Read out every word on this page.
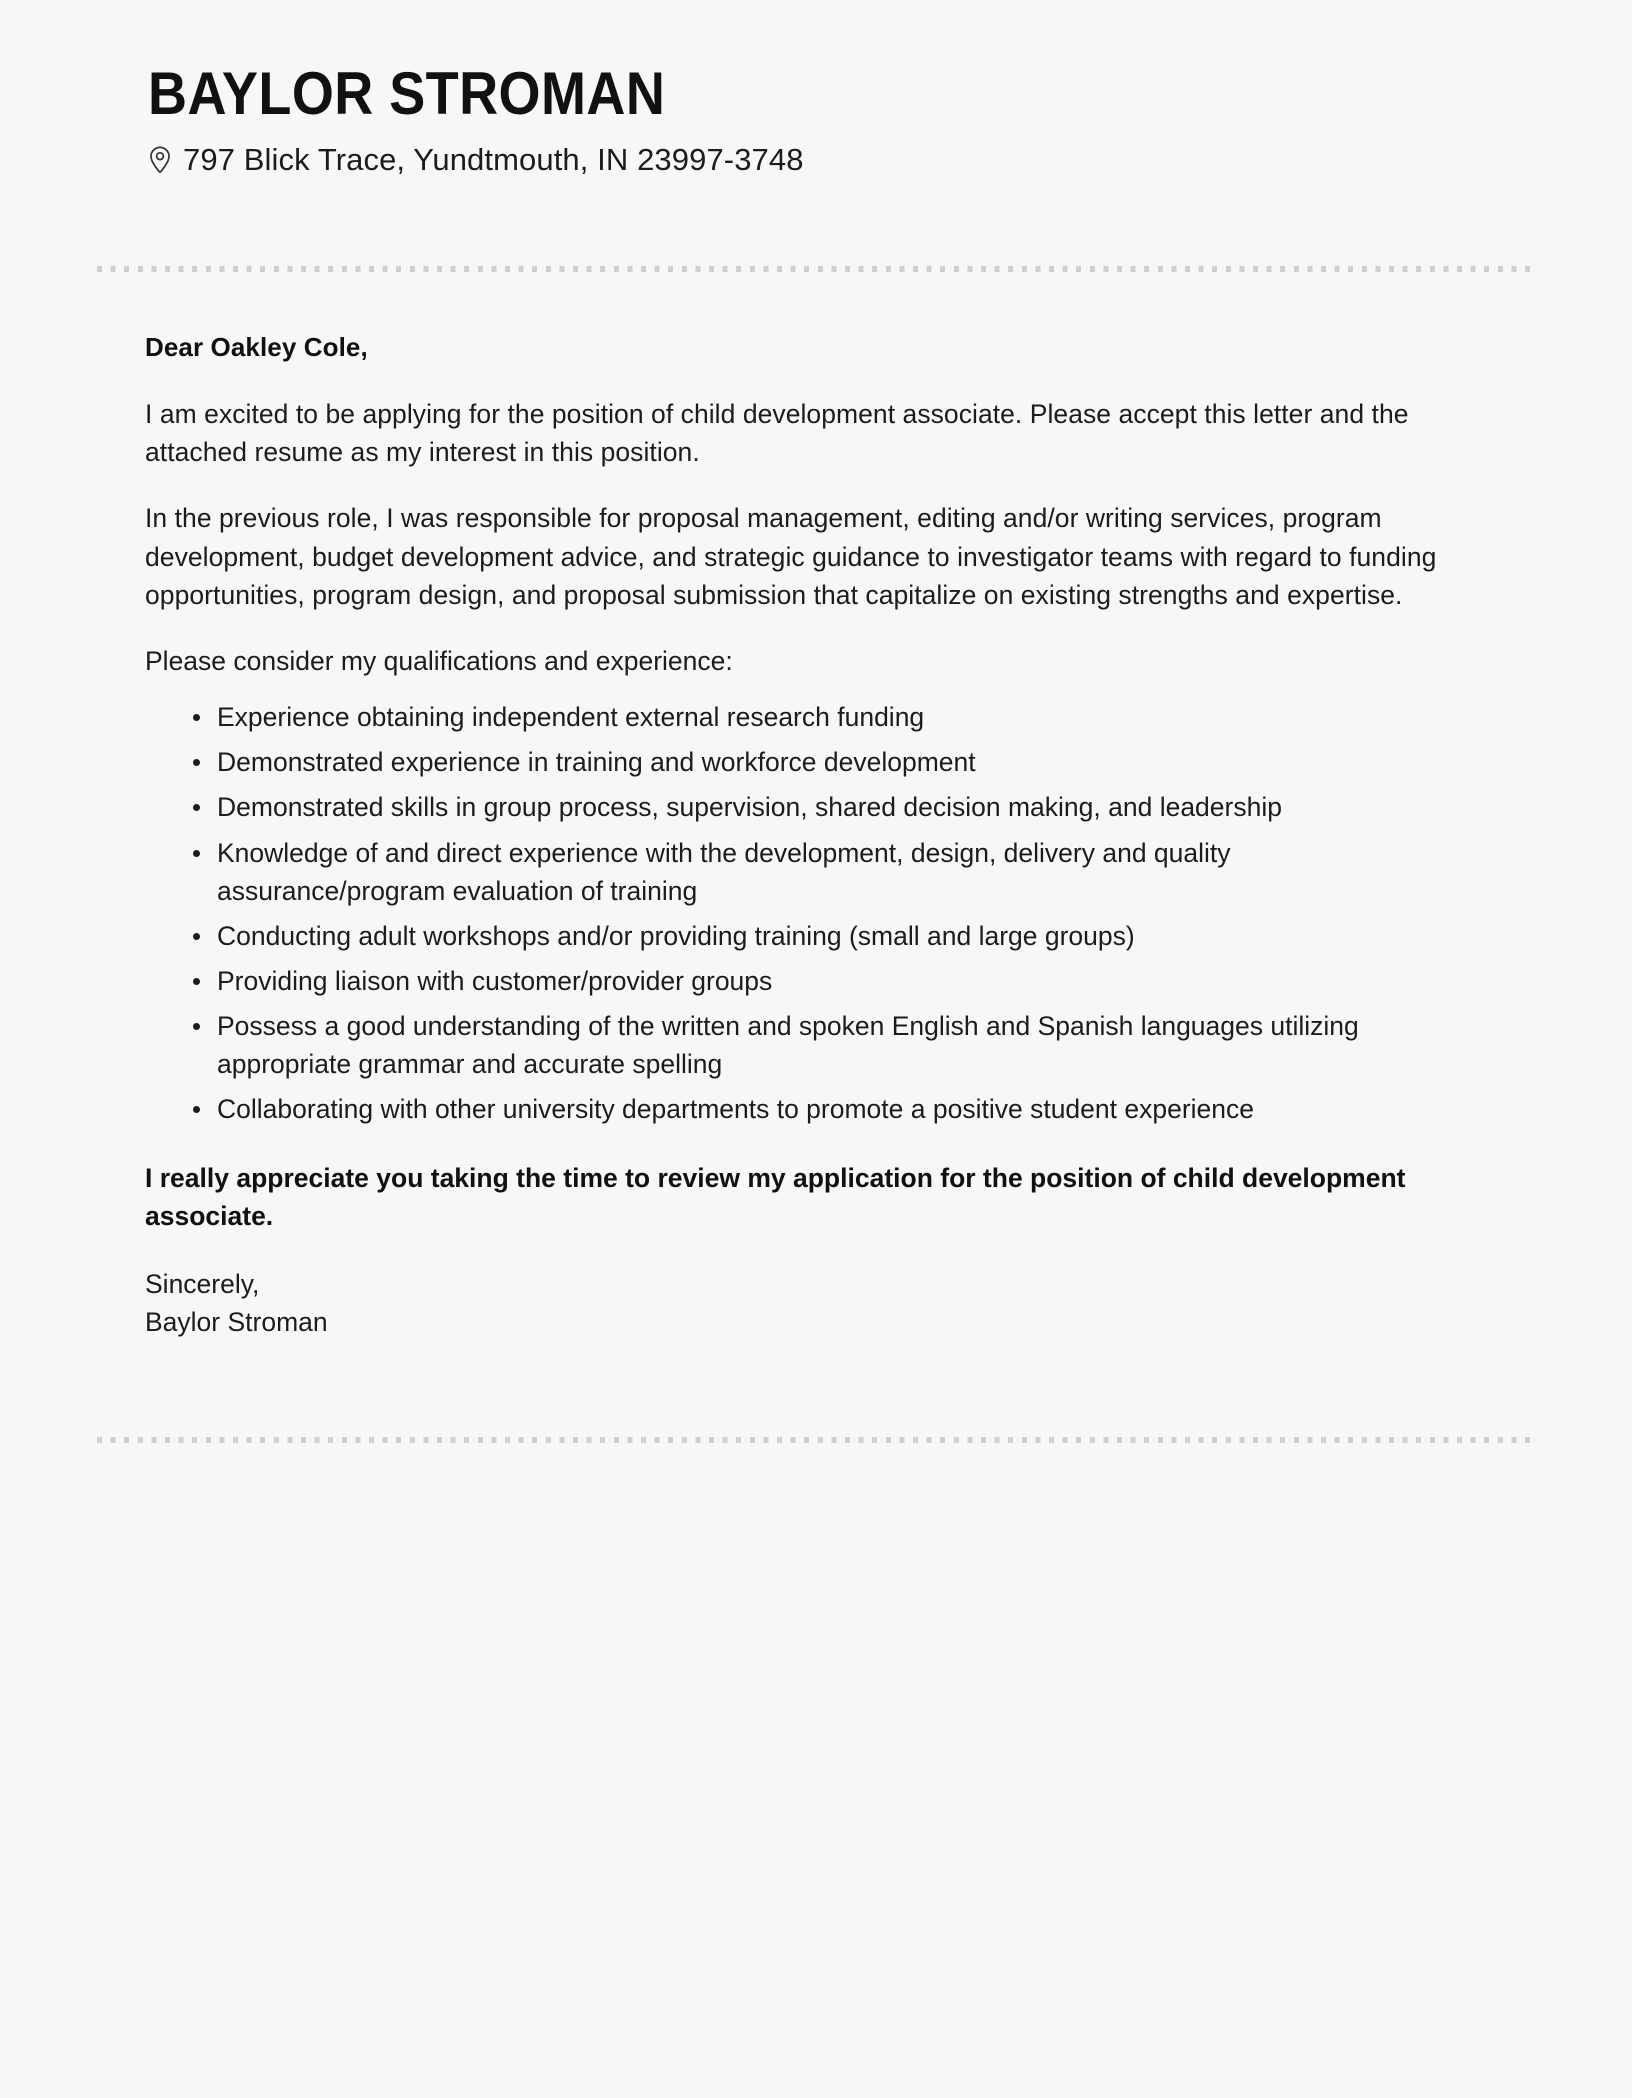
BAYLOR STROMAN
797 Blick Trace, Yundtmouth, IN 23997-3748

Dear Oakley Cole,

I am excited to be applying for the position of child development associate. Please accept this letter and the attached resume as my interest in this position.

In the previous role, I was responsible for proposal management, editing and/or writing services, program development, budget development advice, and strategic guidance to investigator teams with regard to funding opportunities, program design, and proposal submission that capitalize on existing strengths and expertise.

Please consider my qualifications and experience:

Experience obtaining independent external research funding
Demonstrated experience in training and workforce development
Demonstrated skills in group process, supervision, shared decision making, and leadership
Knowledge of and direct experience with the development, design, delivery and quality assurance/program evaluation of training
Conducting adult workshops and/or providing training (small and large groups)
Providing liaison with customer/provider groups
Possess a good understanding of the written and spoken English and Spanish languages utilizing appropriate grammar and accurate spelling
Collaborating with other university departments to promote a positive student experience

I really appreciate you taking the time to review my application for the position of child development associate.

Sincerely,
Baylor Stroman
